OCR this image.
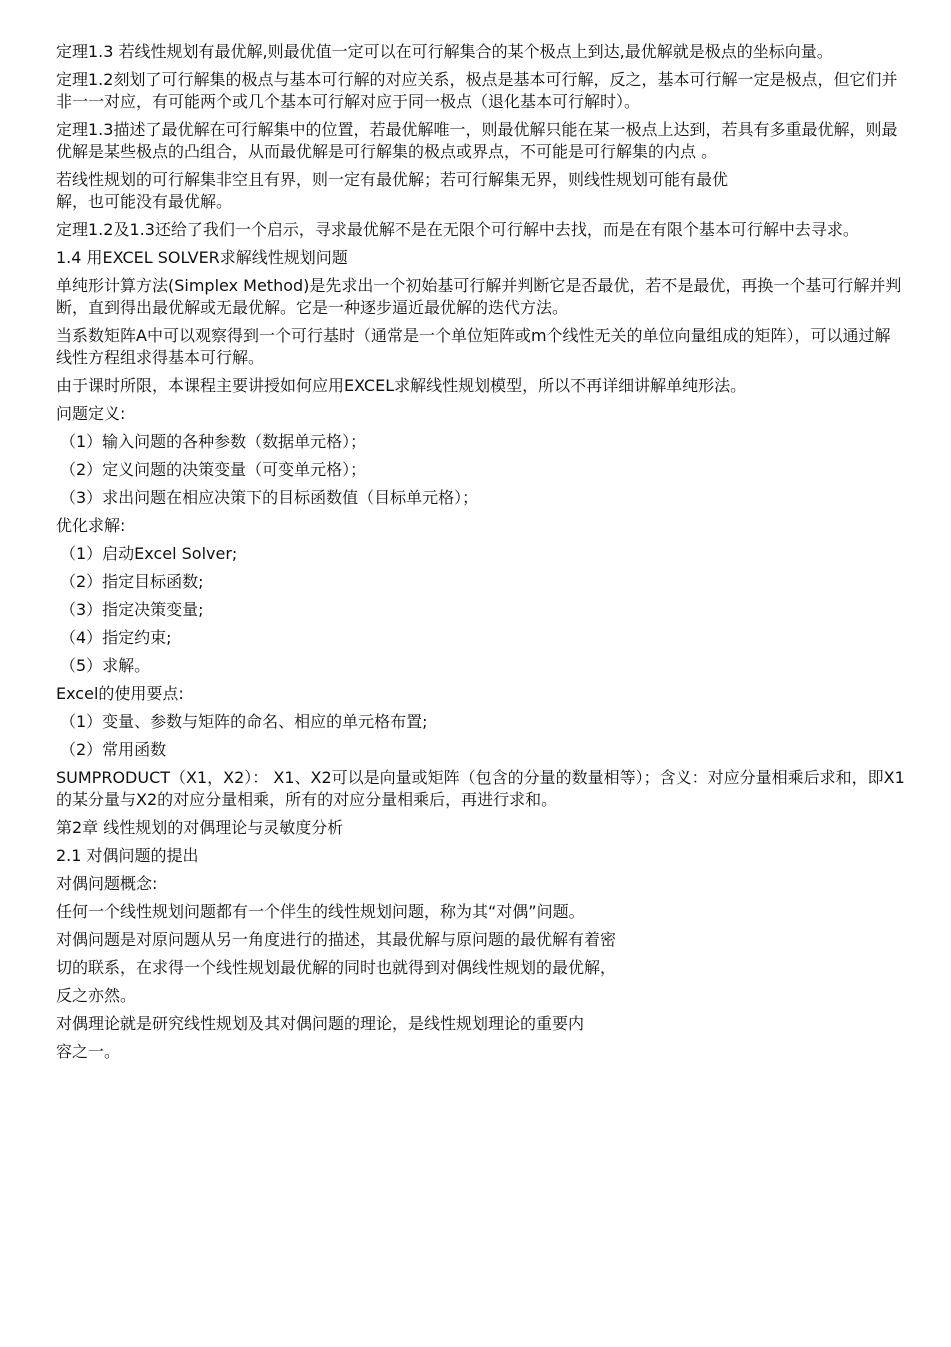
定理1.3 若线性规划有最优解,则最优值一定可以在可行解集合的某个极点上到达,最优解就是极点的坐标向量。

定理1.2刻划了可行解集的极点与基本可行解的对应关系，极点是基本可行解，反之，基本可行解一定是极点，但它们并非一一对应，有可能两个或几个基本可行解对应于同一极点（退化基本可行解时）。

定理1.3描述了最优解在可行解集中的位置，若最优解唯一，则最优解只能在某一极点上达到，若具有多重最优解，则最优解是某些极点的凸组合，从而最优解是可行解集的极点或界点，不可能是可行解集的内点 。

若线性规划的可行解集非空且有界，则一定有最优解；若可行解集无界，则线性规划可能有最优
解，也可能没有最优解。

定理1.2及1.3还给了我们一个启示，寻求最优解不是在无限个可行解中去找，而是在有限个基本可行解中去寻求。

1.4 用EXCEL SOLVER求解线性规划问题

单纯形计算方法(Simplex Method)是先求出一个初始基可行解并判断它是否最优，若不是最优，再换一个基可行解并判断，直到得出最优解或无最优解。它是一种逐步逼近最优解的迭代方法。

当系数矩阵A中可以观察得到一个可行基时（通常是一个单位矩阵或m个线性无关的单位向量组成的矩阵），可以通过解线性方程组求得基本可行解。

由于课时所限，本课程主要讲授如何应用EXCEL求解线性规划模型，所以不再详细讲解单纯形法。

问题定义:

（1）输入问题的各种参数（数据单元格）；

（2）定义问题的决策变量（可变单元格）；

（3）求出问题在相应决策下的目标函数值（目标单元格）；

优化求解:

（1）启动Excel Solver;

（2）指定目标函数;

（3）指定决策变量;

（4）指定约束;

（5）求解。

Excel的使用要点:

（1）变量、参数与矩阵的命名、相应的单元格布置;

（2）常用函数

SUMPRODUCT（X1，X2）： X1、X2可以是向量或矩阵（包含的分量的数量相等）；含义：对应分量相乘后求和，即X1的某分量与X2的对应分量相乘，所有的对应分量相乘后，再进行求和。

第2章 线性规划的对偶理论与灵敏度分析

2.1 对偶问题的提出

对偶问题概念:

任何一个线性规划问题都有一个伴生的线性规划问题，称为其“对偶”问题。

对偶问题是对原问题从另一角度进行的描述，其最优解与原问题的最优解有着密

切的联系，在求得一个线性规划最优解的同时也就得到对偶线性规划的最优解，

反之亦然。

对偶理论就是研究线性规划及其对偶问题的理论，是线性规划理论的重要内

容之一。
